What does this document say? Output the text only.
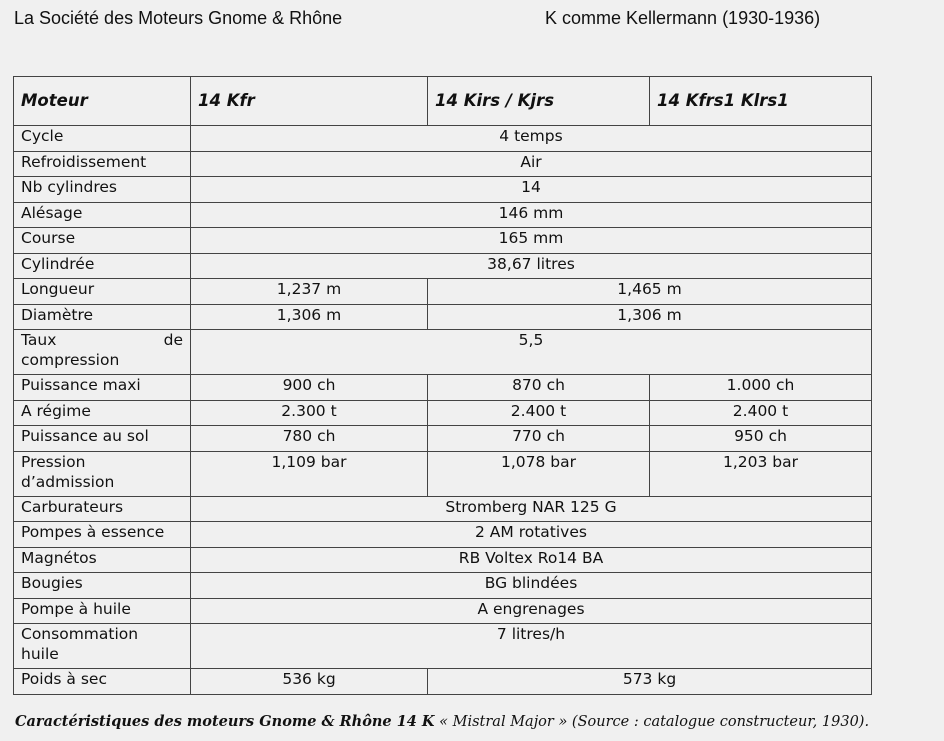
La Société des Moteurs Gnome & Rhône	K comme Kellermann (1930-1936)
Moteur	14 Kfr	14 Kirs / Kjrs	14 Kfrs1 Klrs1
Cycle	4 temps		
Refroidissement	Air		
Nb cylindres	14		
Alésage	146 mm		
Course	165 mm		
Cylindrée	38,67 litres		
Longueur	1,237 m	1,465 m	
Diamètre	1,306 m	1,306 m	

Taux de
compression	5,5		
Puissance maxi	900 ch	870 ch	1.000 ch
A régime	2.300 t	2.400 t	2.400 t
Puissance au sol	780 ch	770 ch	950 ch

Pression
d’admission	1,109 bar	1,078 bar	1,203 bar
Carburateurs	Stromberg NAR 125 G		
Pompes à essence	2 AM rotatives		
Magnétos	RB Voltex Ro14 BA		
Bougies	BG blindées		
Pompe à huile	A engrenages		

Consommation
huile	7 litres/h		
Poids à sec	536 kg	573 kg	
Caractéristiques des moteurs Gnome & Rhône 14 K « Mistral Major » (Source : catalogue constructeur, 1930).
